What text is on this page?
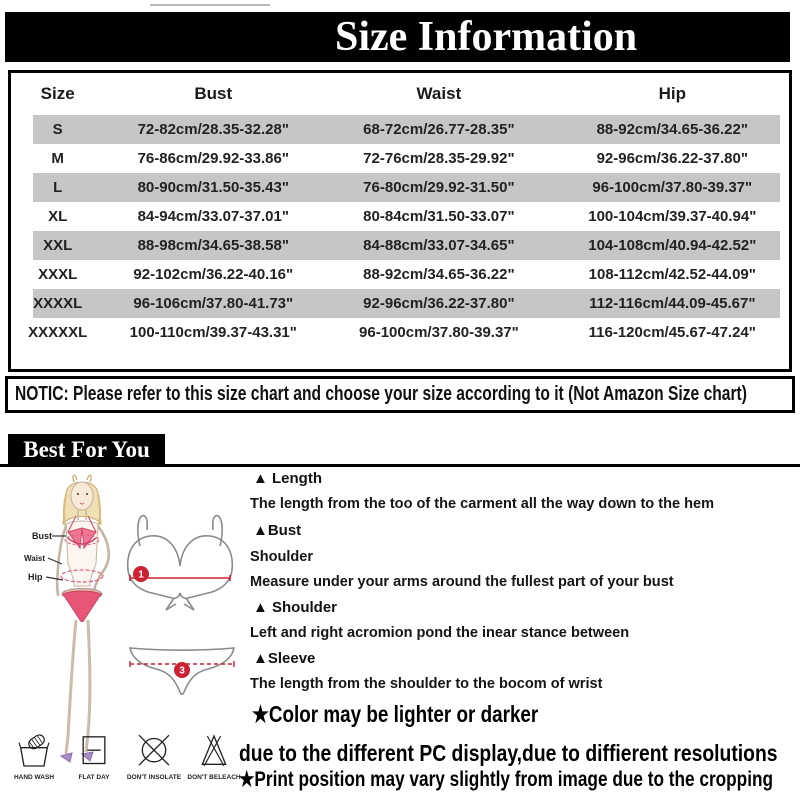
Size Information
Size	Bust	Waist	Hip
S	72-82cm/28.35-32.28"	68-72cm/26.77-28.35"	88-92cm/34.65-36.22"
M	76-86cm/29.92-33.86"	72-76cm/28.35-29.92"	92-96cm/36.22-37.80"
L	80-90cm/31.50-35.43"	76-80cm/29.92-31.50"	96-100cm/37.80-39.37"
XL	84-94cm/33.07-37.01"	80-84cm/31.50-33.07"	100-104cm/39.37-40.94"
XXL	88-98cm/34.65-38.58"	84-88cm/33.07-34.65"	104-108cm/40.94-42.52"
XXXL	92-102cm/36.22-40.16"	88-92cm/34.65-36.22"	108-112cm/42.52-44.09"
XXXXL	96-106cm/37.80-41.73"	92-96cm/36.22-37.80"	112-116cm/44.09-45.67"
XXXXXL	100-110cm/39.37-43.31"	96-100cm/37.80-39.37"	116-120cm/45.67-47.24"
NOTIC: Please refer to this size chart and choose your size according to it (Not Amazon Size chart)
Best For You
Bust
Waist
Hip	1
3
▲ Length
The length from the too of the carment all the way down to the hem
▲Bust
Shoulder
Measure under your arms around the fullest part of your bust
▲ Shoulder
Left and right acromion pond the inear stance between
▲Sleeve
The length from the shoulder to the bocom of wrist
★Color may be lighter or darker
due to the different PC display,due to diffierent resolutions
★Print position may vary slightly from image due to the cropping
HAND WASH	FLAT DAY	DON'T INSOLATE DON'T BELEACH
